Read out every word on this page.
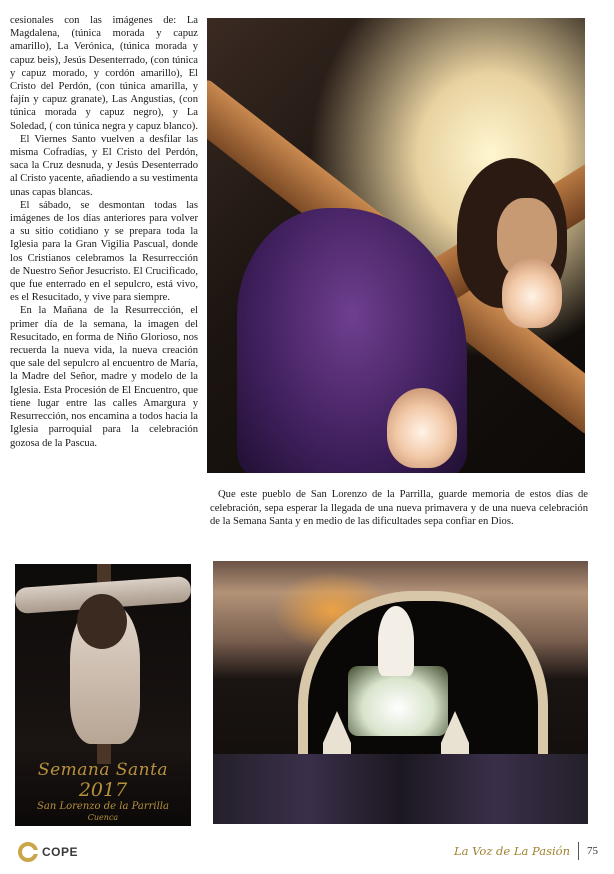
cesionales con las imágenes de: La Magdalena, (túnica morada y capuz amarillo), La Verónica, (túnica morada y capuz beis), Jesús Desenterrado, (con túnica y capuz morado, y cordón amarillo), El Cristo del Perdón, (con túnica amarilla, y fajín y capuz granate), Las Angustias, (con túnica morada y capuz negro), y La Soledad, ( con túnica negra y capuz blanco).

El Viernes Santo vuelven a desfilar las misma Cofradías, y El Cristo del Perdón, saca la Cruz desnuda, y Jesús Desenterrado al Cristo yacente, añadiendo a su vestimenta unas capas blancas.

El sábado, se desmontan todas las imágenes de los días anteriores para volver a su sitio cotidiano y se prepara toda la Iglesia para la Gran Vigilia Pascual, donde los Cristianos celebramos la Resurrección de Nuestro Señor Jesucristo. El Crucificado, que fue enterrado en el sepulcro, está vivo, es el Resucitado, y vive para siempre.

En la Mañana de la Resurrección, el primer día de la semana, la imagen del Resucitado, en forma de Niño Glorioso, nos recuerda la nueva vida, la nueva creación que sale del sepulcro al encuentro de María, la Madre del Señor, madre y modelo de la Iglesia. Esta Procesión de El Encuentro, que tiene lugar entre las calles Amargura y Resurrección, nos encamina a todos hacia la Iglesia parroquial para la celebración gozosa de la Pascua.

Que este pueblo de San Lorenzo de la Parrilla, guarde memoria de estos días de celebración, sepa esperar la llegada de una nueva primavera y de una nueva celebración de la Semana Santa y en medio de las dificultades sepa confiar en Dios.

Semana Santa
2017
San Lorenzo de la Parrilla
Cuenca
COPE	La Voz de La Pasión 75
